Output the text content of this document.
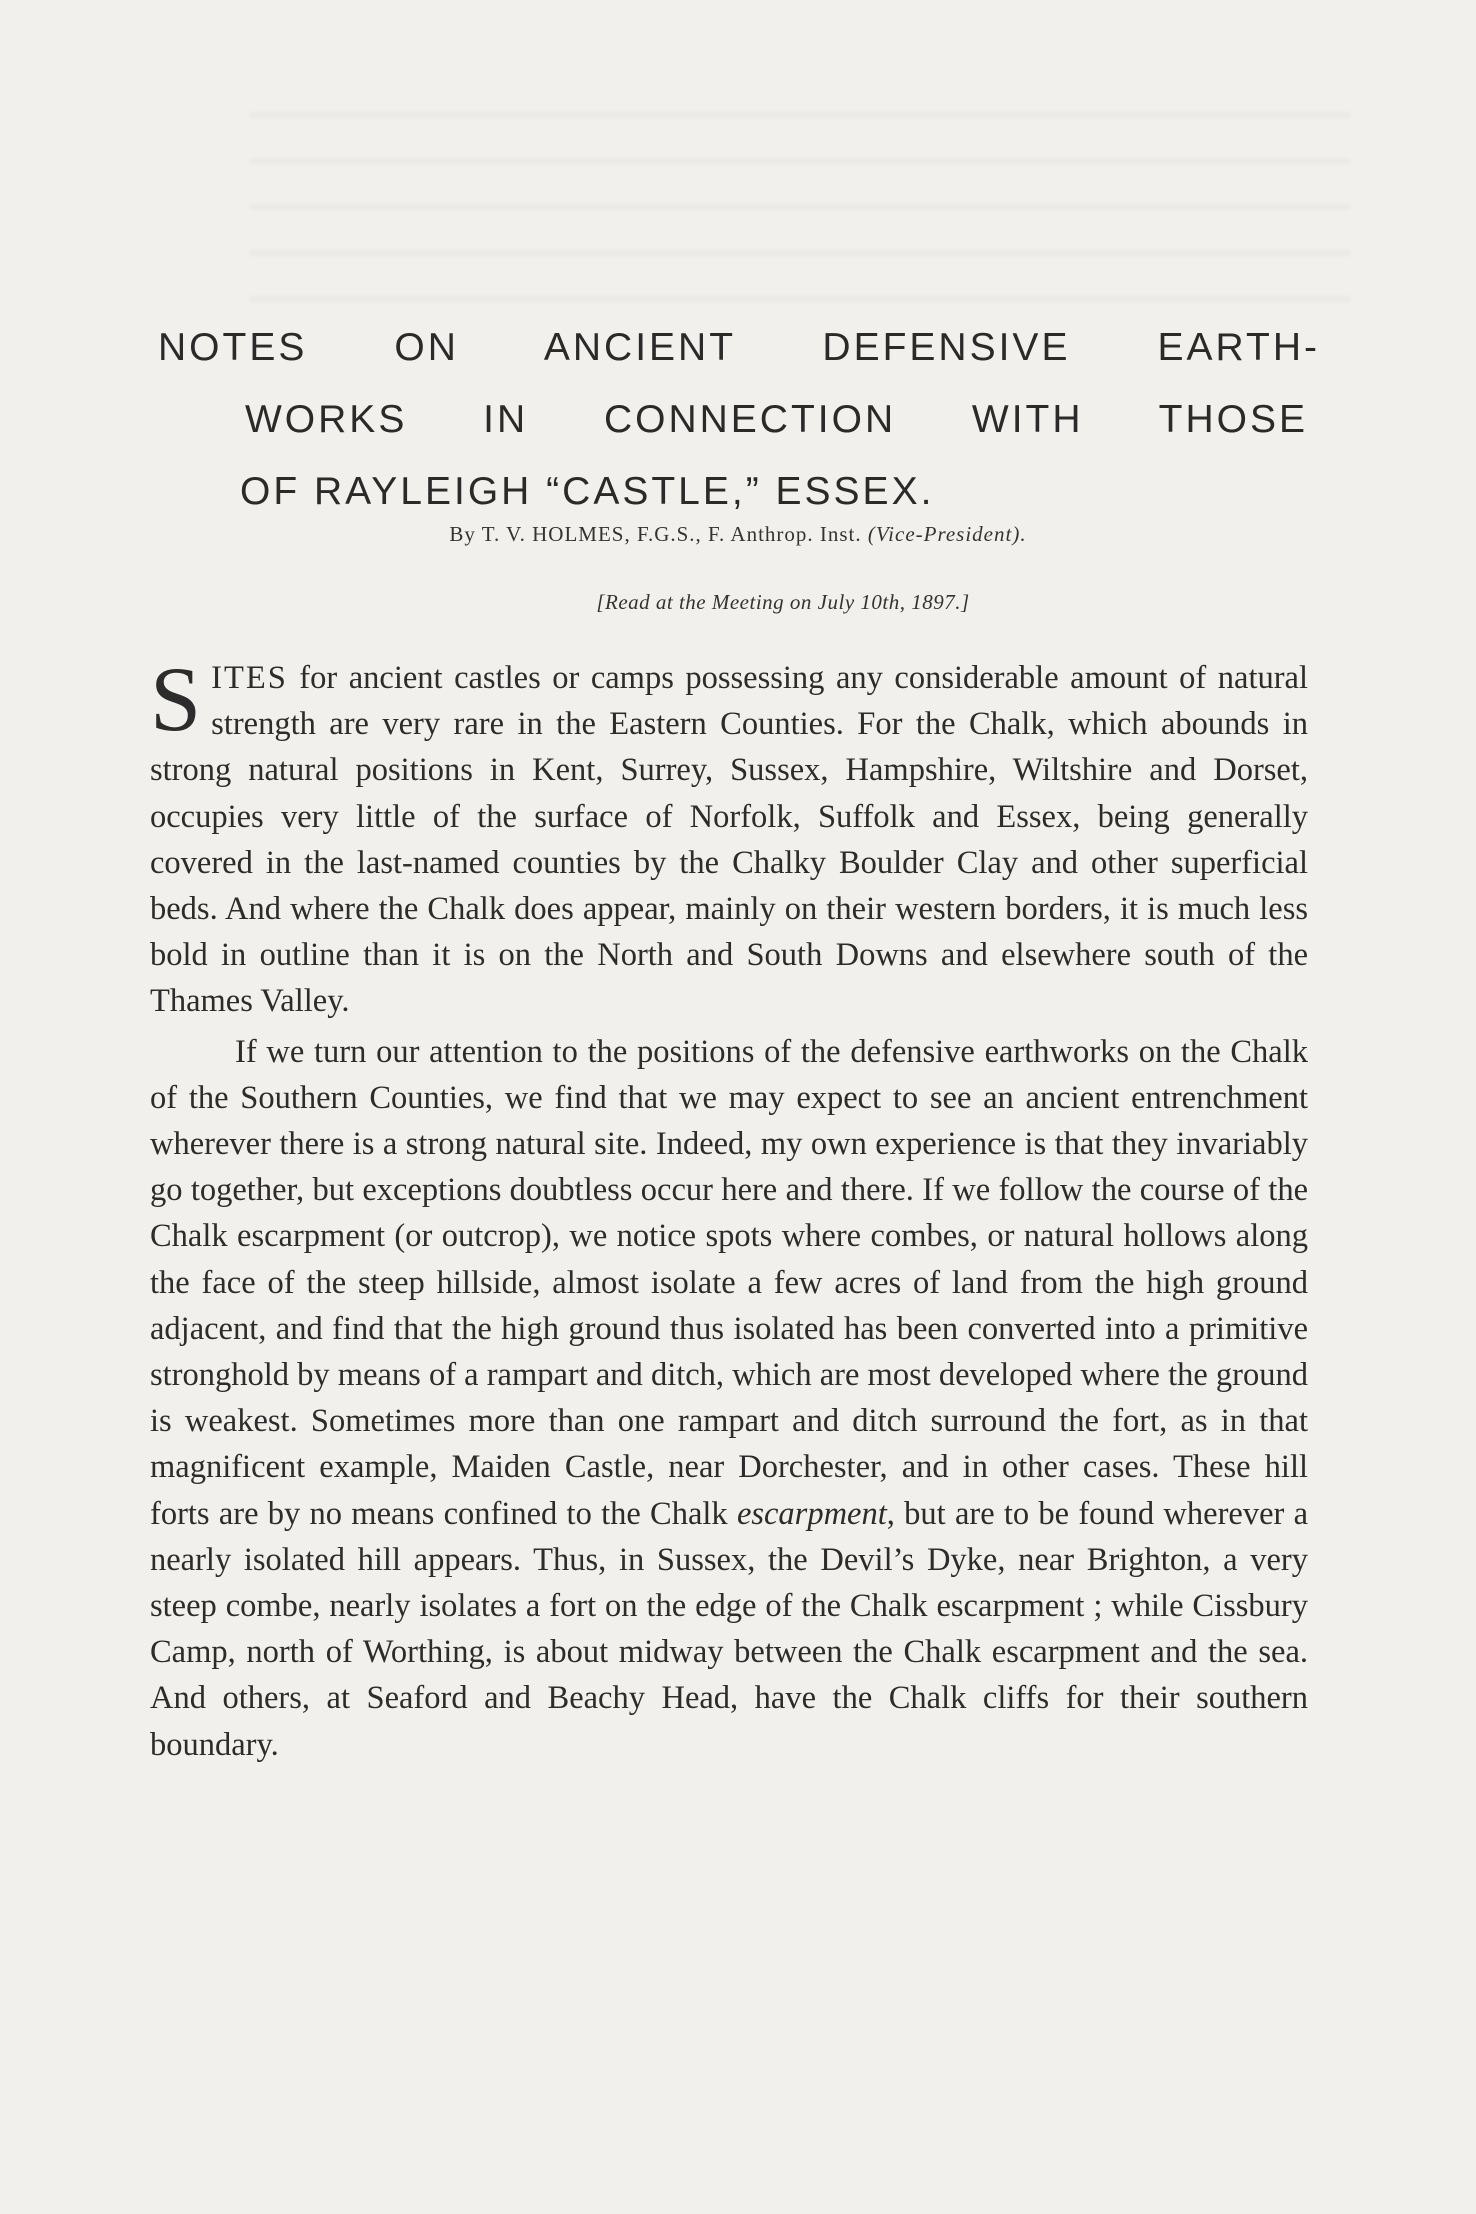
NOTES ON ANCIENT DEFENSIVE EARTH-
WORKS IN CONNECTION WITH THOSE
OF RAYLEIGH “CASTLE,” ESSEX.
By T. V. HOLMES, F.G.S., F. Anthrop. Inst. (Vice-President).
[Read at the Meeting on July 10th, 1897.]

SITES for ancient castles or camps possessing any considerable amount of natural strength are very rare in the Eastern Counties. For the Chalk, which abounds in strong natural positions in Kent, Surrey, Sussex, Hampshire, Wiltshire and Dorset, occupies very little of the surface of Norfolk, Suffolk and Essex, being generally covered in the last-named counties by the Chalky Boulder Clay and other superficial beds. And where the Chalk does appear, mainly on their western borders, it is much less bold in outline than it is on the North and South Downs and elsewhere south of the Thames Valley.

If we turn our attention to the positions of the defensive earthworks on the Chalk of the Southern Counties, we find that we may expect to see an ancient entrenchment wherever there is a strong natural site. Indeed, my own experience is that they invariably go together, but exceptions doubtless occur here and there. If we follow the course of the Chalk escarpment (or outcrop), we notice spots where combes, or natural hollows along the face of the steep hillside, almost isolate a few acres of land from the high ground adjacent, and find that the high ground thus isolated has been converted into a primitive stronghold by means of a rampart and ditch, which are most developed where the ground is weakest. Sometimes more than one rampart and ditch surround the fort, as in that magnificent example, Maiden Castle, near Dorchester, and in other cases. These hill forts are by no means confined to the Chalk escarpment, but are to be found wherever a nearly isolated hill appears. Thus, in Sussex, the Devil’s Dyke, near Brighton, a very steep combe, nearly isolates a fort on the edge of the Chalk escarpment ; while Cissbury Camp, north of Worthing, is about midway between the Chalk escarpment and the sea. And others, at Seaford and Beachy Head, have the Chalk cliffs for their southern boundary.
